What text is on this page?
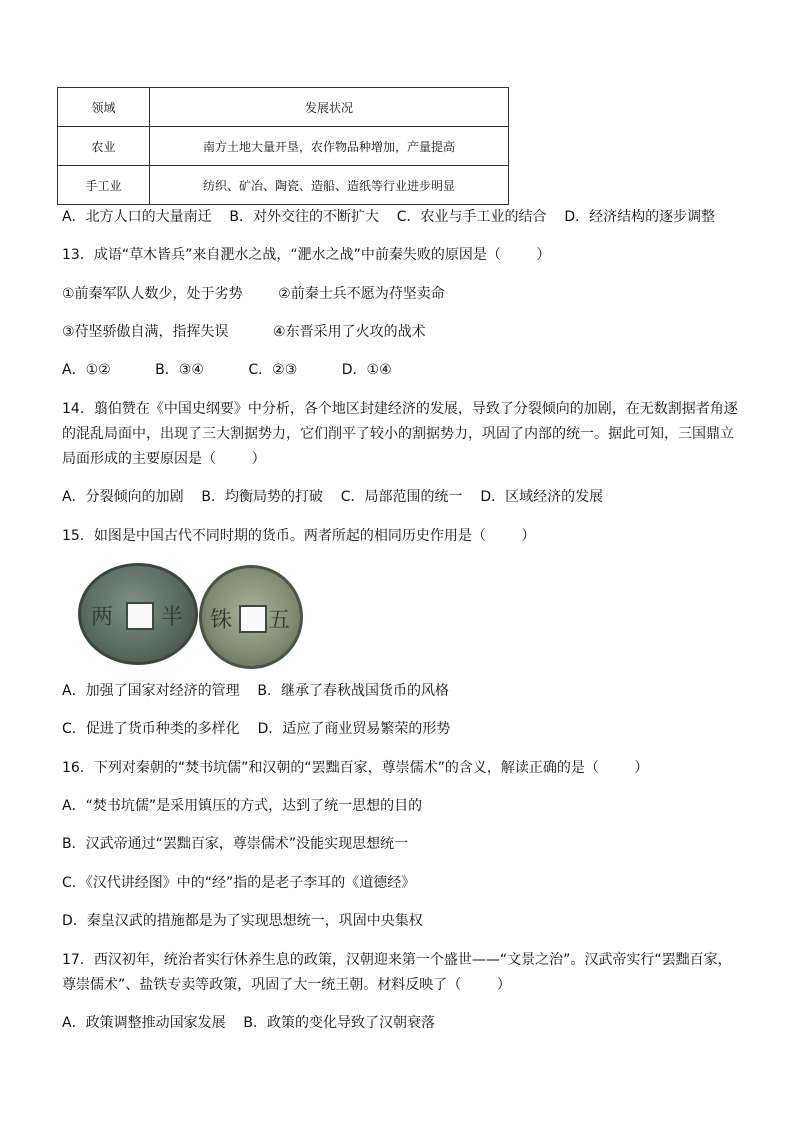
领域	发展状况
农业	南方土地大量开垦，农作物品种增加，产量提高
手工业	纺织、矿冶、陶瓷、造船、造纸等行业进步明显
A．北方人口的大量南迁    B．对外交往的不断扩大    C．农业与手工业的结合    D．经济结构的逐步调整
13．成语“草木皆兵”来自淝水之战，“淝水之战”中前秦失败的原因是（        ）
①前秦军队人数少，处于劣势        ②前秦士兵不愿为苻坚卖命
③苻坚骄傲自满，指挥失误          ④东晋采用了火攻的战术
A．①②          B．③④          C．②③          D．①④
14．翦伯赞在《中国史纲要》中分析，各个地区封建经济的发展，导致了分裂倾向的加剧，在无数割据者角逐
的混乱局面中，出现了三大割据势力，它们削平了较小的割据势力，巩固了内部的统一。据此可知，三国鼎立
局面形成的主要原因是（        ）
A．分裂倾向的加剧    B．均衡局势的打破    C．局部范围的统一    D．区域经济的发展
15．如图是中国古代不同时期的货币。两者所起的相同历史作用是（        ）
两 半 铢 五
A．加强了国家对经济的管理    B．继承了春秋战国货币的风格
C．促进了货币种类的多样化    D．适应了商业贸易繁荣的形势
16．下列对秦朝的“焚书坑儒”和汉朝的“罢黜百家，尊崇儒术”的含义，解读正确的是（        ）
A．“焚书坑儒”是采用镇压的方式，达到了统一思想的目的
B．汉武帝通过“罢黜百家，尊崇儒术”没能实现思想统一
C．《汉代讲经图》中的“经”指的是老子李耳的《道德经》
D．秦皇汉武的措施都是为了实现思想统一，巩固中央集权
17．西汉初年，统治者实行休养生息的政策，汉朝迎来第一个盛世——“文景之治”。汉武帝实行“罢黜百家，
尊崇儒术”、盐铁专卖等政策，巩固了大一统王朝。材料反映了（        ）
A．政策调整推动国家发展    B．政策的变化导致了汉朝衰落
